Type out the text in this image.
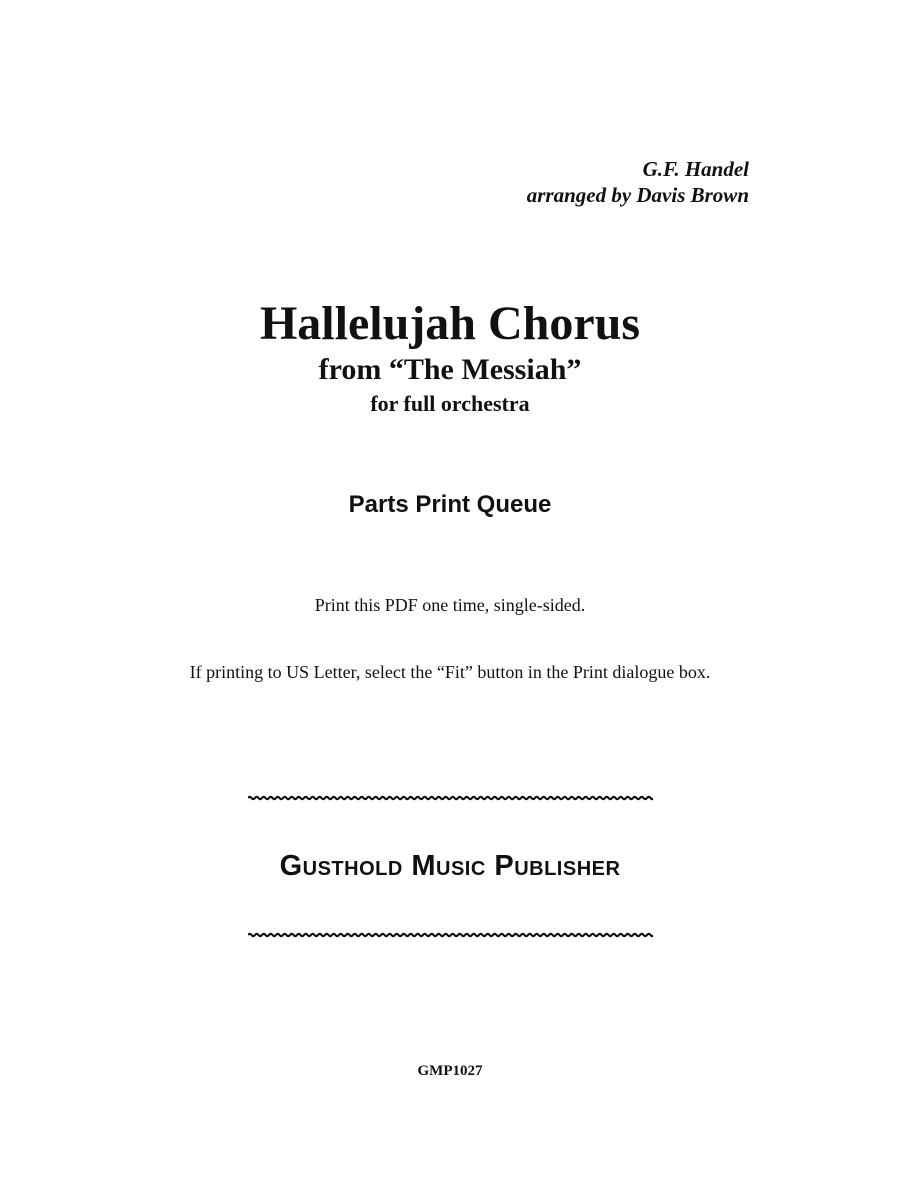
G.F. Handel
arranged by Davis Brown
Hallelujah Chorus
from “The Messiah”
for full orchestra
Parts Print Queue
Print this PDF one time, single-sided.
If printing to US Letter, select the “Fit” button in the Print dialogue box.
Gusthold Music Publisher
GMP1027
